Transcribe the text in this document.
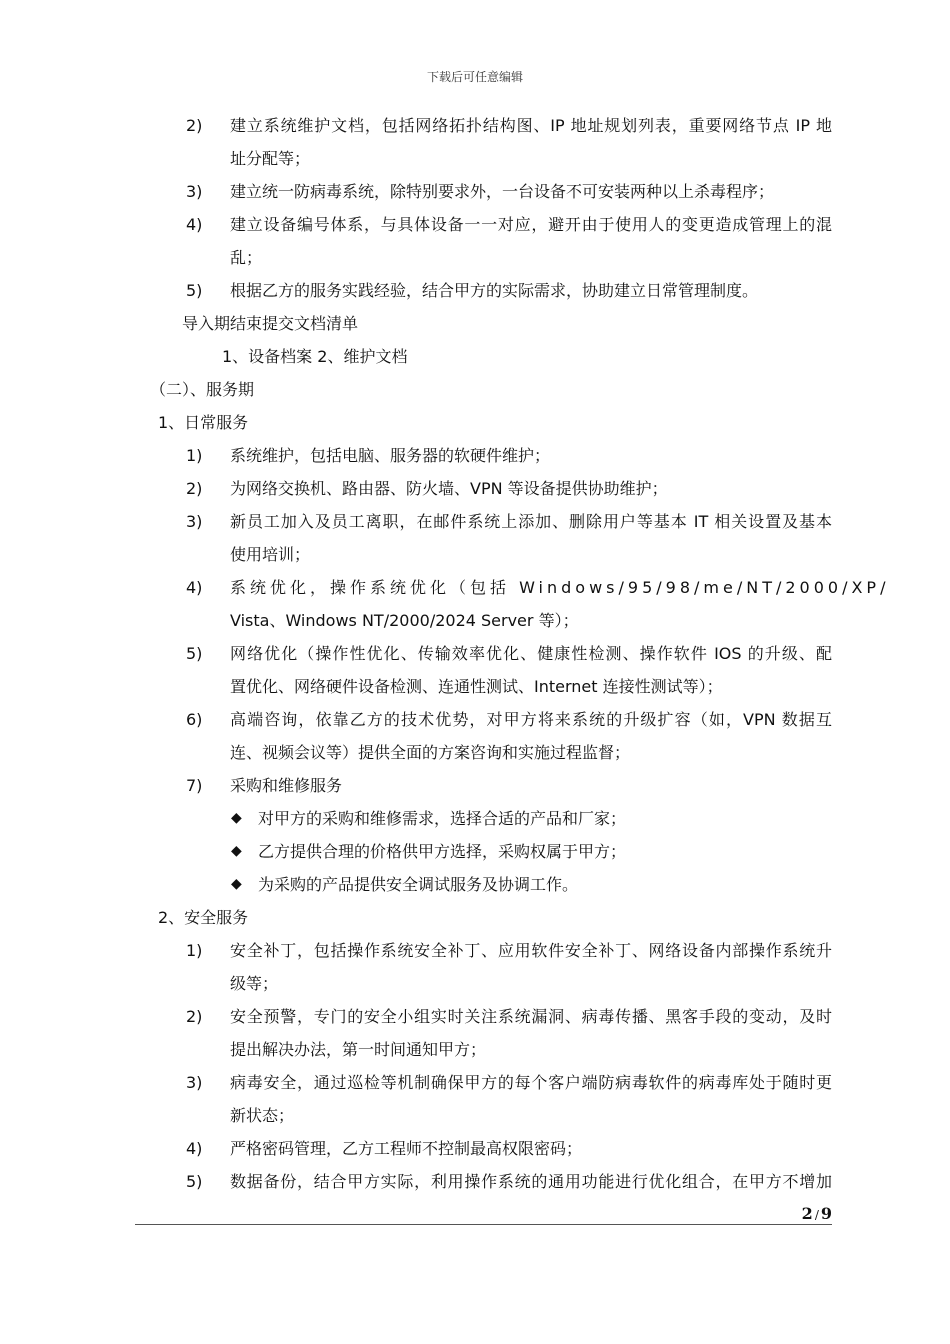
下载后可任意编辑
2) 建立系统维护文档，包括网络拓扑结构图、IP 地址规划列表，重要网络节点 IP 地
址分配等；
3) 建立统一防病毒系统，除特别要求外，一台设备不可安装两种以上杀毒程序；
4) 建立设备编号体系，与具体设备一一对应，避开由于使用人的变更造成管理上的混
乱；
5) 根据乙方的服务实践经验，结合甲方的实际需求，协助建立日常管理制度。
导入期结束提交文档清单
1、设备档案 2、维护文档
（二）、服务期
1、日常服务
1) 系统维护，包括电脑、服务器的软硬件维护；
2) 为网络交换机、路由器、防火墙、VPN 等设备提供协助维护；
3) 新员工加入及员工离职，在邮件系统上添加、删除用户等基本 IT 相关设置及基本
使用培训；
4) 系统优化，操作系统优化（包括 Windows/95/98/me/NT/2000/XP/
Vista、Windows NT/2000/2024 Server 等）；
5) 网络优化（操作性优化、传输效率优化、健康性检测、操作软件 IOS 的升级、配
置优化、网络硬件设备检测、连通性测试、Internet 连接性测试等）；
6) 高端咨询，依靠乙方的技术优势，对甲方将来系统的升级扩容（如，VPN 数据互
连、视频会议等）提供全面的方案咨询和实施过程监督；
7) 采购和维修服务
◆ 对甲方的采购和维修需求，选择合适的产品和厂家；
◆ 乙方提供合理的价格供甲方选择，采购权属于甲方；
◆ 为采购的产品提供安全调试服务及协调工作。
2、安全服务
1) 安全补丁，包括操作系统安全补丁、应用软件安全补丁、网络设备内部操作系统升
级等；
2) 安全预警，专门的安全小组实时关注系统漏洞、病毒传播、黑客手段的变动，及时
提出解决办法，第一时间通知甲方；
3) 病毒安全，通过巡检等机制确保甲方的每个客户端防病毒软件的病毒库处于随时更
新状态；
4) 严格密码管理，乙方工程师不控制最高权限密码；
5) 数据备份，结合甲方实际，利用操作系统的通用功能进行优化组合，在甲方不增加
2 / 9
